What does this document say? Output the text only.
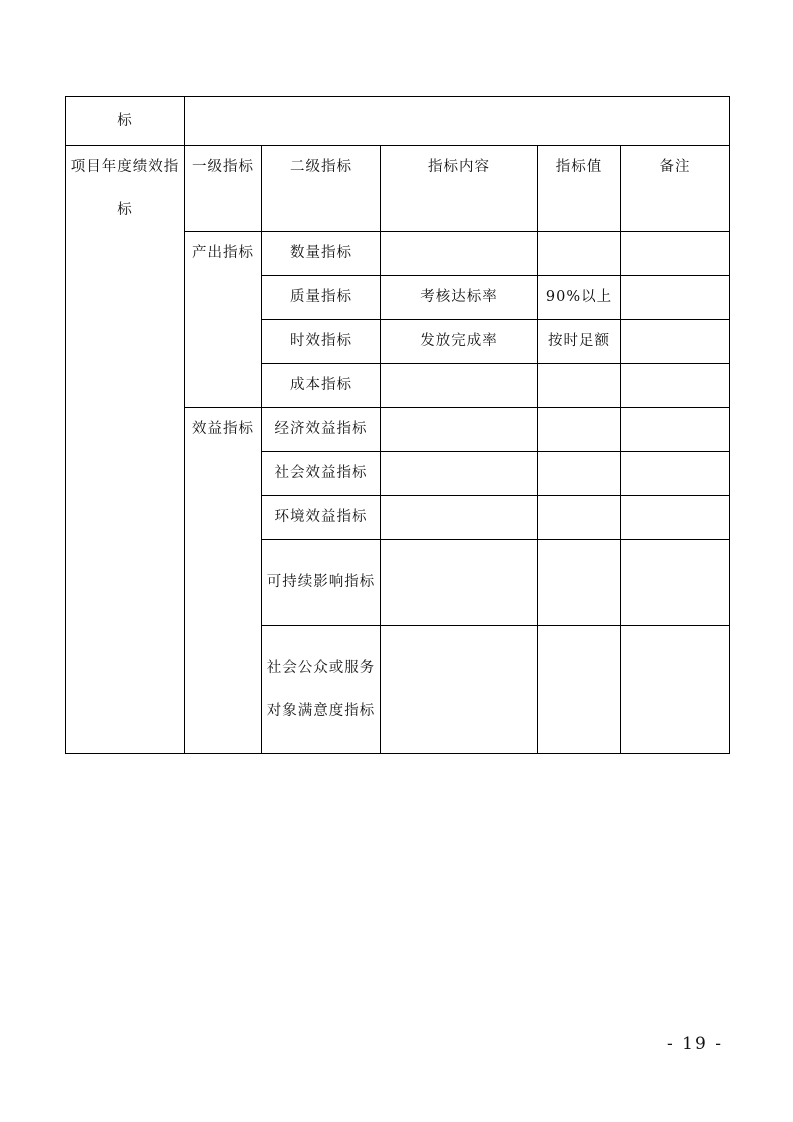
标					

项目年度绩效指标	一级指标	二级指标	指标内容	指标值	备注

	产出指标	数量指标			
		质量指标	考核达标率	90%以上	
		时效指标	发放完成率	按时足额	
		成本指标			

	效益指标	经济效益指标			
		社会效益指标			
		环境效益指标			

		可持续影响指标			

		社会公众或服务对象满意度指标			

- 19 -
